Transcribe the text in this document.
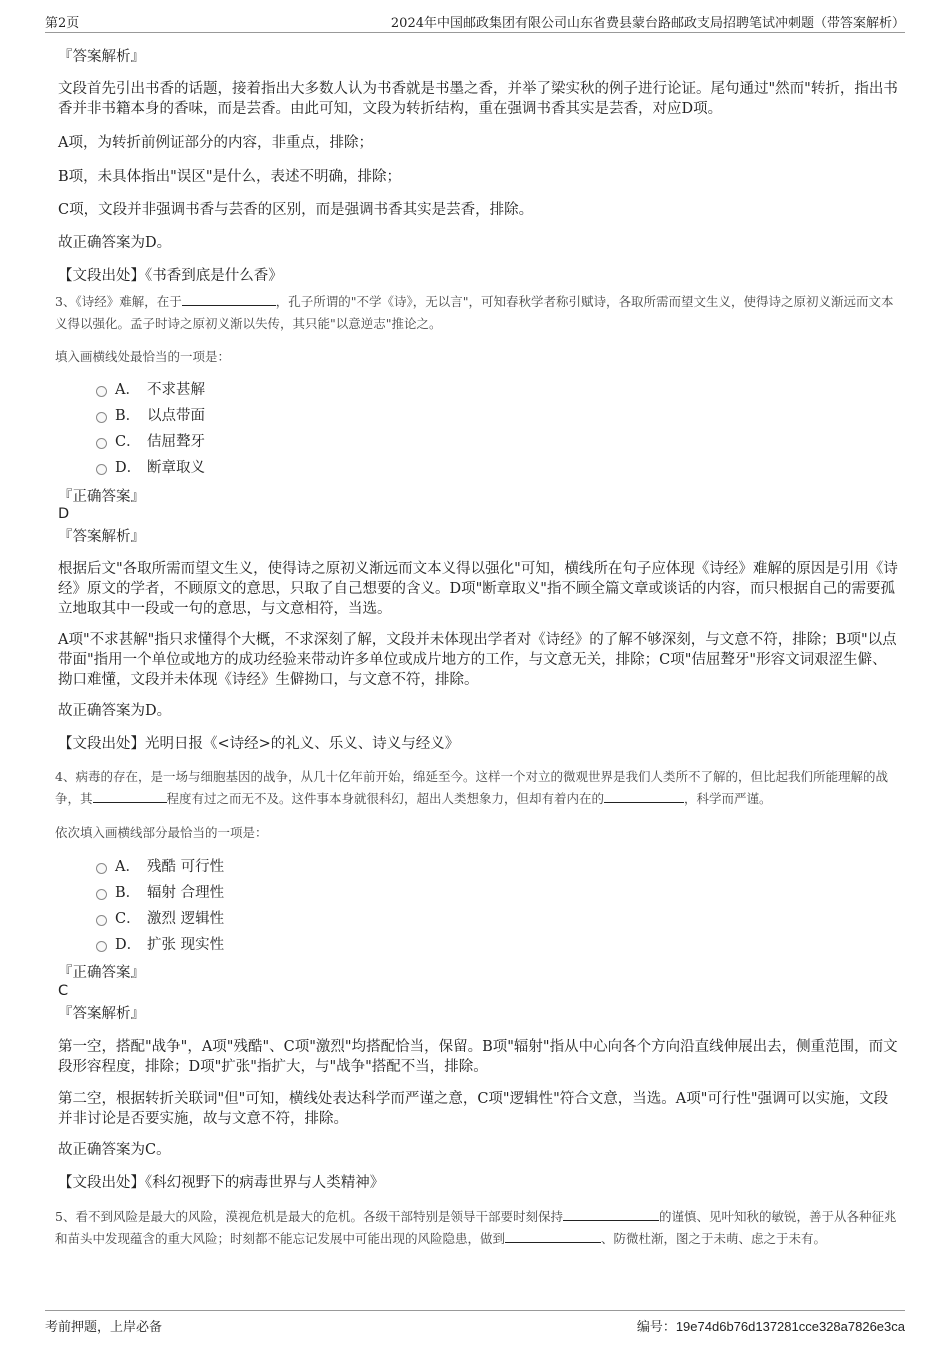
第2页	2024年中国邮政集团有限公司山东省费县蒙台路邮政支局招聘笔试冲刺题（带答案解析）
『答案解析』
文段首先引出书香的话题，接着指出大多数人认为书香就是书墨之香，并举了梁实秋的例子进行论证。尾句通过"然而"转折，指出书香并非书籍本身的香味，而是芸香。由此可知，文段为转折结构，重在强调书香其实是芸香，对应D项。
A项，为转折前例证部分的内容，非重点，排除；
B项，未具体指出"误区"是什么，表述不明确，排除；
C项，文段并非强调书香与芸香的区别，而是强调书香其实是芸香，排除。
故正确答案为D。
【文段出处】《书香到底是什么香》
3、《诗经》难解，在于	，孔子所谓的"不学《诗》，无以言"，可知春秋学者称引赋诗，各取所需而望文生义，使得诗之原初义渐远而文本义得以强化。孟子时诗之原初义渐以失传，其只能"以意逆志"推论之。
填入画横线处最恰当的一项是：
A． 不求甚解
B． 以点带面
C． 佶屈聱牙
D． 断章取义
『正确答案』
D
『答案解析』
根据后文"各取所需而望文生义，使得诗之原初义渐远而文本义得以强化"可知，横线所在句子应体现《诗经》难解的原因是引用《诗经》原文的学者，不顾原文的意思，只取了自己想要的含义。D项"断章取义"指不顾全篇文章或谈话的内容，而只根据自己的需要孤立地取其中一段或一句的意思，与文意相符，当选。
A项"不求甚解"指只求懂得个大概，不求深刻了解，文段并未体现出学者对《诗经》的了解不够深刻，与文意不符，排除；B项"以点带面"指用一个单位或地方的成功经验来带动许多单位或成片地方的工作，与文意无关，排除；C项"佶屈聱牙"形容文词艰涩生僻、拗口难懂，文段并未体现《诗经》生僻拗口，与文意不符，排除。
故正确答案为D。
【文段出处】光明日报《<诗经>的礼义、乐义、诗义与经义》
4、病毒的存在，是一场与细胞基因的战争，从几十亿年前开始，绵延至今。这样一个对立的微观世界是我们人类所不了解的，但比起我们所能理解的战争，其	程度有过之而无不及。这件事本身就很科幻，超出人类想象力，但却有着内在的	，科学而严谨。
依次填入画横线部分最恰当的一项是：
A． 残酷 可行性
B． 辐射 合理性
C． 激烈 逻辑性
D． 扩张 现实性
『正确答案』
C
『答案解析』
第一空，搭配"战争"，A项"残酷"、C项"激烈"均搭配恰当，保留。B项"辐射"指从中心向各个方向沿直线伸展出去，侧重范围，而文段形容程度，排除；D项"扩张"指扩大，与"战争"搭配不当，排除。
第二空，根据转折关联词"但"可知，横线处表达科学而严谨之意，C项"逻辑性"符合文意，当选。A项"可行性"强调可以实施，文段并非讨论是否要实施，故与文意不符，排除。
故正确答案为C。
【文段出处】《科幻视野下的病毒世界与人类精神》
5、看不到风险是最大的风险，漠视危机是最大的危机。各级干部特别是领导干部要时刻保持	的谨慎、见叶知秋的敏锐，善于从各种征兆和苗头中发现蕴含的重大风险；时刻都不能忘记发展中可能出现的风险隐患，做到	、防微杜渐，图之于未萌、虑之于未有。
考前押题，上岸必备	编号：19e74d6b76d137281cce328a7826e3ca
